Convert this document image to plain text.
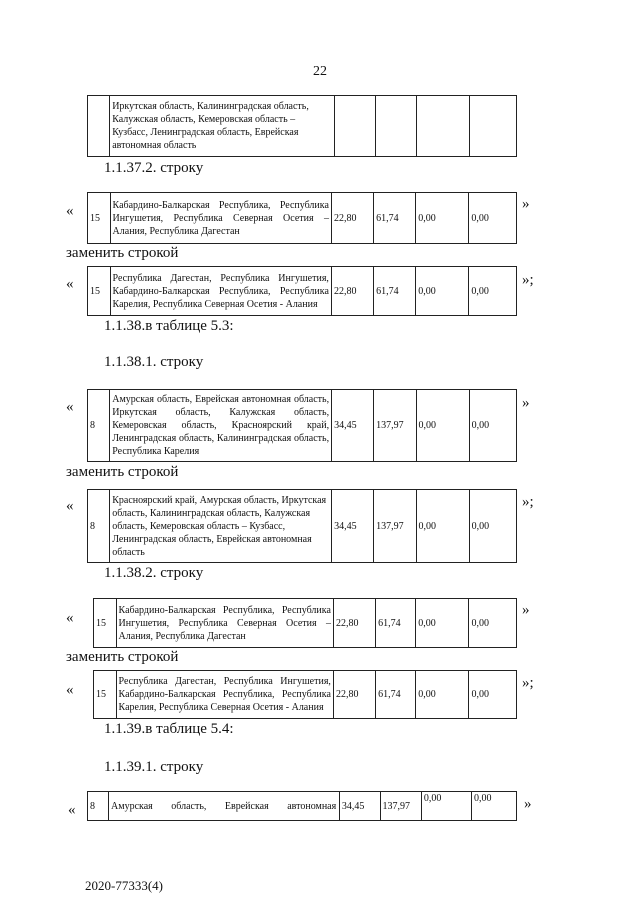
22
	Иркутская область, Калининградская область, Калужская область, Кемеровская область – Кузбасс, Ленинградская область, Еврейская автономная область				
1.1.37.2. строку
« 15	Кабардино-Балкарская Республика, Республика Ингушетия, Республика Северная Осетия – Алания, Республика Дагестан	22,80	61,74	0,00	0,00
»
заменить строкой
« 15	Республика Дагестан, Республика Ингушетия, Кабардино-Балкарская Республика, Республика Карелия, Республика Северная Осетия - Алания	22,80	61,74	0,00	0,00
»;
1.1.38.в таблице 5.3:
1.1.38.1. строку
«
8	Амурская область, Еврейская автономная область, Иркутская область, Калужская область, Кемеровская область, Красноярский край, Ленинградская область, Калининградская область, Республика Карелия	34,45	137,97	0,00	0,00
»
заменить строкой
«
8	Красноярский край, Амурская область, Иркутская область, Калининградская область, Калужская область, Кемеровская область – Кузбасс, Ленинградская область, Еврейская автономная область	34,45	137,97	0,00	0,00
»;
1.1.38.2. строку
« 15	Кабардино-Балкарская Республика, Республика Ингушетия, Республика Северная Осетия – Алания, Республика Дагестан	22,80	61,74	0,00	0,00
»
заменить строкой
« 15	Республика Дагестан, Республика Ингушетия, Кабардино-Балкарская Республика, Республика Карелия, Республика Северная Осетия - Алания	22,80	61,74	0,00	0,00
»;
1.1.39.в таблице 5.4:
1.1.39.1. строку
« 8	Амурская область, Еврейская автономная	34,45	137,97	0,00	0,00 »
2020-77333(4)
